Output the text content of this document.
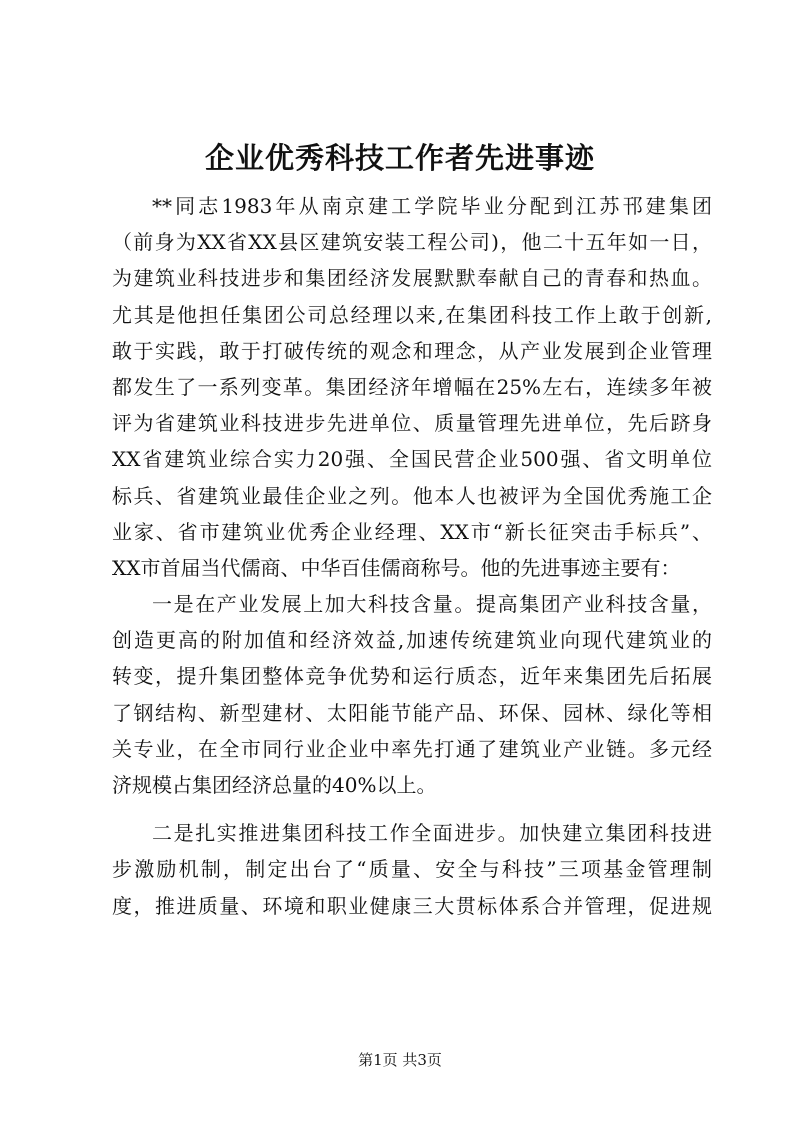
企业优秀科技工作者先进事迹
**同志1983年从南京建工学院毕业分配到江苏邗建集团
（前身为XX省XX县区建筑安装工程公司)，他二十五年如一日，
为建筑业科技进步和集团经济发展默默奉献自己的青春和热血。
尤其是他担任集团公司总经理以来,在集团科技工作上敢于创新,
敢于实践，敢于打破传统的观念和理念，从产业发展到企业管理
都发生了一系列变革。集团经济年增幅在25%左右，连续多年被
评为省建筑业科技进步先进单位、质量管理先进单位，先后跻身
XX省建筑业综合实力20强、全国民营企业500强、省文明单位
标兵、省建筑业最佳企业之列。他本人也被评为全国优秀施工企
业家、省市建筑业优秀企业经理、XX市“新长征突击手标兵”、
XX市首届当代儒商、中华百佳儒商称号。他的先进事迹主要有：
一是在产业发展上加大科技含量。提高集团产业科技含量，
创造更高的附加值和经济效益,加速传统建筑业向现代建筑业的
转变，提升集团整体竞争优势和运行质态，近年来集团先后拓展
了钢结构、新型建材、太阳能节能产品、环保、园林、绿化等相
关专业，在全市同行业企业中率先打通了建筑业产业链。多元经
济规模占集团经济总量的40%以上。
二是扎实推进集团科技工作全面进步。加快建立集团科技进
步激励机制，制定出台了“质量、安全与科技”三项基金管理制
度，推进质量、环境和职业健康三大贯标体系合并管理，促进规
第1页 共3页
